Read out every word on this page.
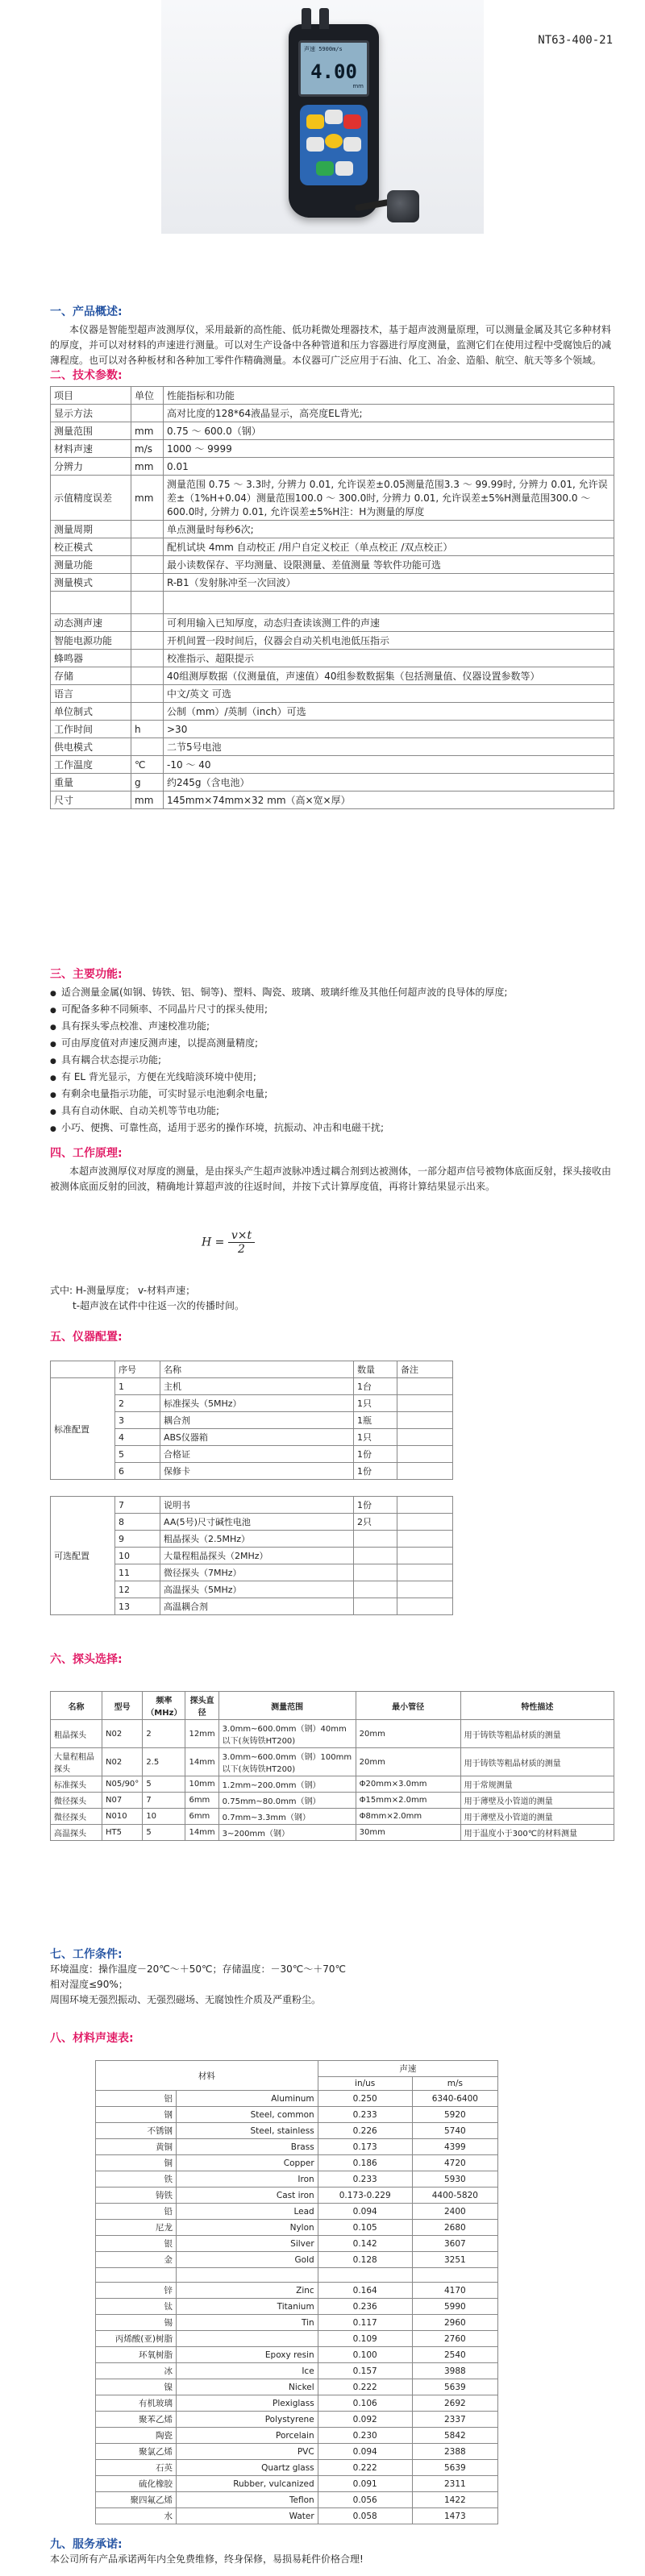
NT63-400-21
声速 5900m/s
4.00
mm
一、产品概述:

本仪器是智能型超声波测厚仪，采用最新的高性能、低功耗微处理器技术，基于超声波测量原理，可以测量金属及其它多种材料的厚度，并可以对材料的声速进行测量。可以对生产设备中各种管道和压力容器进行厚度测量，监测它们在使用过程中受腐蚀后的减薄程度。也可以对各种板材和各种加工零件作精确测量。本仪器可广泛应用于石油、化工、冶金、造船、航空、航天等多个领域。

二、技术参数:
项目	单位	性能指标和功能
显示方法		高对比度的128*64液晶显示，高亮度EL背光;
测量范围	mm	0.75 ～ 600.0（钢）
材料声速	m/s	1000 ～ 9999
分辨力	mm	0.01
示值精度误差	mm	测量范围 0.75 ～ 3.3时, 分辨力 0.01, 允许误差±0.05测量范围3.3 ～ 99.99时, 分辨力 0.01, 允许误差±（1%H+0.04）测量范围100.0 ～ 300.0时, 分辨力 0.01, 允许误差±5%H测量范围300.0 ～ 600.0时, 分辨力 0.01, 允许误差±5%H注：H为测量的厚度
测量周期		单点测量时每秒6次;
校正模式		配机试块 4mm 自动校正 /用户自定义校正（单点校正 /双点校正）
测量功能		最小读数保存、平均测量、设限测量、差值测量 等软件功能可选
测量模式		R-B1（发射脉冲至一次回波）

动态测声速		可利用输入已知厚度，动态归查读该测工件的声速
智能电源功能		开机间置一段时间后，仪器会自动关机电池低压指示
蜂鸣器		校准指示、超限提示
存储		40组测厚数据（仪测量值，声速值）40组参数数据集（包括测量值、仪器设置参数等）
语言		中文/英文 可选
单位制式		公制（mm）/英制（inch）可选
工作时间	h	>30
供电模式		二节5号电池
工作温度	℃	-10 ～ 40
重量	g	约245g（含电池）
尺寸	mm	145mm×74mm×32 mm（高×宽×厚）
三、主要功能:
● 适合测量金属(如钢、铸铁、铝、铜等)、塑料、陶瓷、玻璃、玻璃纤维及其他任何超声波的良导体的厚度;
● 可配备多种不同频率、不同晶片尺寸的探头使用;
● 具有探头零点校准、声速校准功能;
● 可由厚度值对声速反测声速，以提高测量精度;
● 具有耦合状态提示功能;
● 有 EL 背光显示，方便在光线暗淡环境中使用;
● 有剩余电量指示功能，可实时显示电池剩余电量;
● 具有自动休眠、自动关机等节电功能;
● 小巧、便携、可靠性高，适用于恶劣的操作环境，抗振动、冲击和电磁干扰;
四、工作原理:

本超声波测厚仪对厚度的测量，是由探头产生超声波脉冲透过耦合剂到达被测体，一部分超声信号被物体底面反射，探头接收由被测体底面反射的回波，精确地计算超声波的往返时间，并按下式计算厚度值，再将计算结果显示出来。

$H = \frac{v\times t}{2}$

式中: H-测量厚度； v-材料声速；

t-超声波在试件中往返一次的传播时间。

五、仪器配置:
	序号	名称	数量	备注
标准配置	1	主机	1台	
	2	标准探头（5MHz）	1只	
	3	耦合剂	1瓶	
	4	ABS仪器箱	1只	
	5	合格证	1份	
	6	保修卡	1份	
可选配置	7	说明书	1份	
	8	AA(5号)尺寸碱性电池	2只	
	9	粗晶探头（2.5MHz）		
	10	大量程粗晶探头（2MHz）		
	11	微径探头（7MHz）		
	12	高温探头（5MHz）		
	13	高温耦合剂		
六、探头选择:
名称	型号	频率（MHz）	探头直径	测量范围	最小管径	特性描述
粗晶探头	N02	2	12mm	3.0mm~600.0mm（钢）40mm以下(灰铸铁HT200)	20mm	用于铸铁等粗晶材质的测量
大量程粗晶探头	N02	2.5	14mm	3.0mm~600.0mm（钢）100mm以下(灰铸铁HT200)	20mm	用于铸铁等粗晶材质的测量
标准探头	N05/90°	5	10mm	1.2mm~200.0mm（钢）	Φ20mm×3.0mm	用于常规测量
微径探头	N07	7	6mm	0.75mm~80.0mm（钢）	Φ15mm×2.0mm	用于薄壁及小管道的测量
微径探头	N010	10	6mm	0.7mm~3.3mm（钢）	Φ8mm×2.0mm	用于薄壁及小管道的测量
高温探头	HT5	5	14mm	3~200mm（钢）	30mm	用于温度小于300℃的材料测量
七、工作条件:

环境温度：操作温度－20℃～＋50℃；存储温度：－30℃～＋70℃

相对湿度≤90%；

周围环境无强烈振动、无强烈磁场、无腐蚀性介质及严重粉尘。

八、材料声速表:
材料		声速	
		in/us	m/s
铝	Aluminum	0.250	6340-6400
钢	Steel, common	0.233	5920
不锈钢	Steel, stainless	0.226	5740
黄铜	Brass	0.173	4399
铜	Copper	0.186	4720
铁	Iron	0.233	5930
铸铁	Cast iron	0.173-0.229	4400-5820
铅	Lead	0.094	2400
尼龙	Nylon	0.105	2680
银	Silver	0.142	3607
金	Gold	0.128	3251

锌	Zinc	0.164	4170
钛	Titanium	0.236	5990
锡	Tin	0.117	2960
丙烯酸(亚)树脂		0.109	2760
环氧树脂	Epoxy resin	0.100	2540
冰	Ice	0.157	3988
镍	Nickel	0.222	5639
有机玻璃	Plexiglass	0.106	2692
聚苯乙烯	Polystyrene	0.092	2337
陶瓷	Porcelain	0.230	5842
聚氯乙烯	PVC	0.094	2388
石英	Quartz glass	0.222	5639
硫化橡胶	Rubber, vulcanized	0.091	2311
聚四氟乙烯	Teflon	0.056	1422
水	Water	0.058	1473
九、服务承诺:

本公司所有产品承诺两年内全免费维修，终身保修，易损易耗件价格合理!
